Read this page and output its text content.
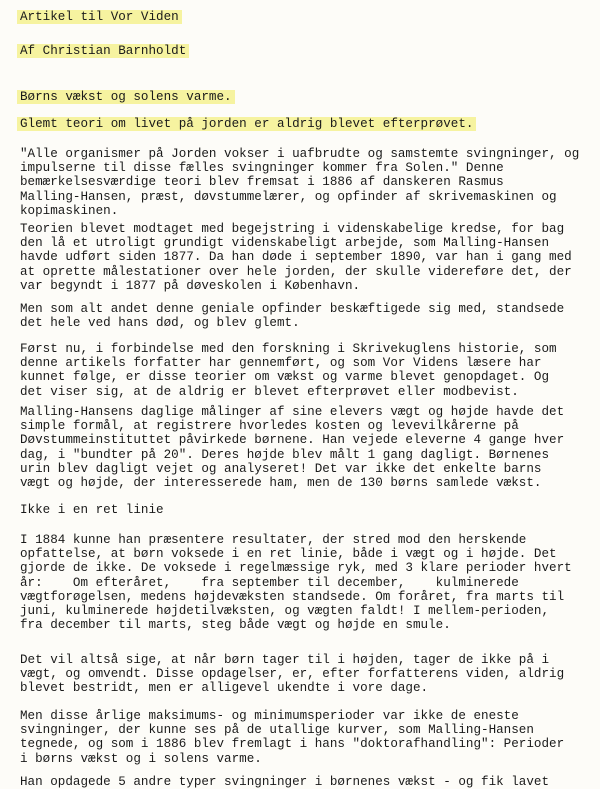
Artikel til Vor Viden
Af Christian Barnholdt
Børns vækst og solens varme.
Glemt teori om livet på jorden er aldrig blevet efterprøvet.
"Alle organismer på Jorden vokser i uafbrudte og samstemte svingninger, og
impulserne til disse fælles svingninger kommer fra Solen." Denne
bemærkelsesværdige teori blev fremsat i 1886 af danskeren Rasmus
Malling-Hansen, præst, døvstummelærer, og opfinder af skrivemaskinen og
kopimaskinen.
Teorien blevet modtaget med begejstring i videnskabelige kredse, for bag
den lå et utroligt grundigt videnskabeligt arbejde, som Malling-Hansen
havde udført siden 1877. Da han døde i september 1890, var han i gang med
at oprette målestationer over hele jorden, der skulle videreføre det, der
var begyndt i 1877 på døveskolen i København.
Men som alt andet denne geniale opfinder beskæftigede sig med, standsede
det hele ved hans død, og blev glemt.
Først nu, i forbindelse med den forskning i Skrivekuglens historie, som
denne artikels forfatter har gennemført, og som Vor Videns læsere har
kunnet følge, er disse teorier om vækst og varme blevet genopdaget. Og
det viser sig, at de aldrig er blevet efterprøvet eller modbevist.
Malling-Hansens daglige målinger af sine elevers vægt og højde havde det
simple formål, at registrere hvorledes kosten og levevilkårerne på
Døvstummeinstituttet påvirkede børnene. Han vejede eleverne 4 gange hver
dag, i "bundter på 20". Deres højde blev målt 1 gang dagligt. Børnenes
urin blev dagligt vejet og analyseret! Det var ikke det enkelte barns
vægt og højde, der interesserede ham, men de 130 børns samlede vækst.
Ikke i en ret linie
I 1884 kunne han præsentere resultater, der stred mod den herskende
opfattelse, at børn voksede i en ret linie, både i vægt og i højde. Det
gjorde de ikke. De voksede i regelmæssige ryk, med 3 klare perioder hvert
år:    Om efteråret,    fra september til december,    kulminerede
vægtforøgelsen, medens højdevæksten standsede. Om foråret, fra marts til
juni, kulminerede højdetilvæksten, og vægten faldt! I mellem-perioden,
fra december til marts, steg både vægt og højde en smule.
Det vil altså sige, at når børn tager til i højden, tager de ikke på i
vægt, og omvendt. Disse opdagelser, er, efter forfatterens viden, aldrig
blevet bestridt, men er alligevel ukendte i vore dage.
Men disse årlige maksimums- og minimumsperioder var ikke de eneste
svingninger, der kunne ses på de utallige kurver, som Malling-Hansen
tegnede, og som i 1886 blev fremlagt i hans "doktorafhandling": Perioder
i børns vækst og i solens varme.
Han opdagede 5 andre typer svingninger i børnenes vækst - og fik lavet
